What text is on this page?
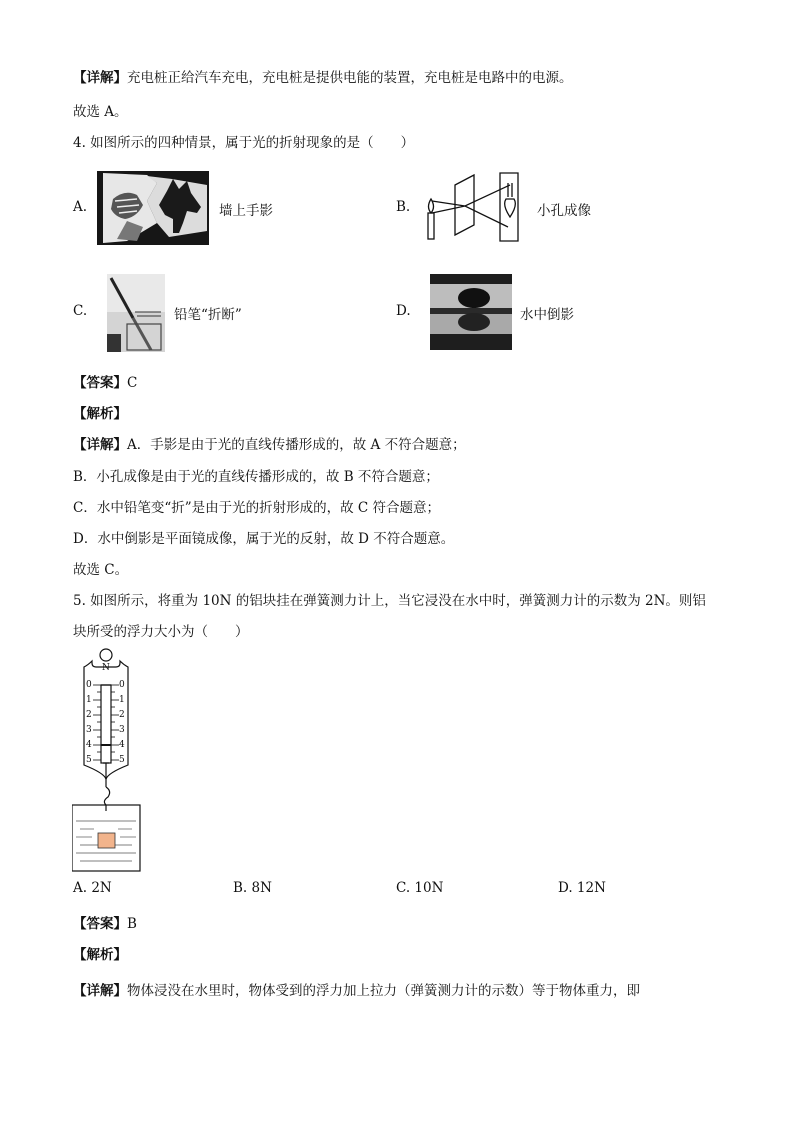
【详解】充电桩正给汽车充电，充电桩是提供电能的装置，充电桩是电路中的电源。
故选 A。
4. 如图所示的四种情景，属于光的折射现象的是（　　）
A.	墙上手影	B.	小孔成像
C.	铅笔“折断”	D.	水中倒影
【答案】C
【解析】
【详解】A．手影是由于光的直线传播形成的，故 A 不符合题意；
B．小孔成像是由于光的直线传播形成的，故 B 不符合题意；
C．水中铅笔变“折”是由于光的折射形成的，故 C 符合题意；
D．水中倒影是平面镜成像，属于光的反射，故 D 不符合题意。
故选 C。
5. 如图所示，将重为 10N 的铝块挂在弹簧测力计上，当它浸没在水中时，弹簧测力计的示数为 2N。则铝
块所受的浮力大小为（　　）
N
0
1
2
3
4
5
0
1
2
3
4
5
A. 2N	B. 8N	C. 10N	D. 12N
【答案】B
【解析】
【详解】物体浸没在水里时，物体受到的浮力加上拉力（弹簧测力计的示数）等于物体重力，即
